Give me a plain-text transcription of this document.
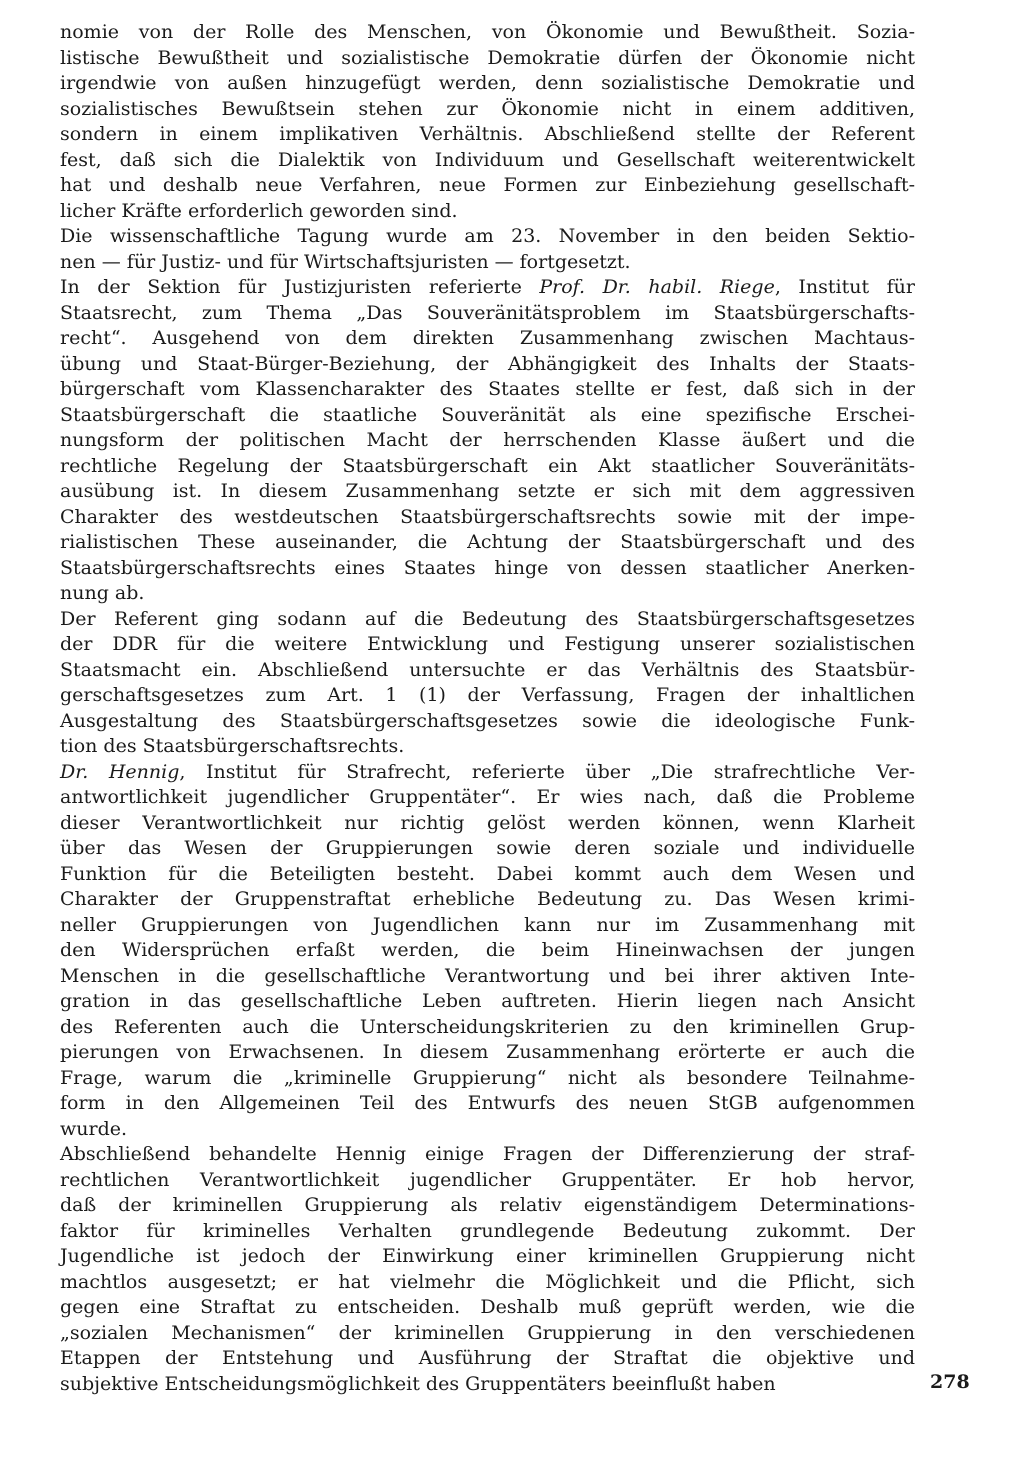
nomie von der Rolle des Menschen, von Ökonomie und Bewußtheit. Sozia-
listische Bewußtheit und sozialistische Demokratie dürfen der Ökonomie nicht
irgendwie von außen hinzugefügt werden, denn sozialistische Demokratie und
sozialistisches Bewußtsein stehen zur Ökonomie nicht in einem additiven,
sondern in einem implikativen Verhältnis. Abschließend stellte der Referent
fest, daß sich die Dialektik von Individuum und Gesellschaft weiterentwickelt
hat und deshalb neue Verfahren, neue Formen zur Einbeziehung gesellschaft-
licher Kräfte erforderlich geworden sind.
Die wissenschaftliche Tagung wurde am 23. November in den beiden Sektio-
nen — für Justiz- und für Wirtschaftsjuristen — fortgesetzt.
In der Sektion für Justizjuristen referierte Prof. Dr. habil. Riege, Institut für
Staatsrecht, zum Thema „Das Souveränitätsproblem im Staatsbürgerschafts-
recht“. Ausgehend von dem direkten Zusammenhang zwischen Machtaus-
übung und Staat-Bürger-Beziehung, der Abhängigkeit des Inhalts der Staats-
bürgerschaft vom Klassencharakter des Staates stellte er fest, daß sich in der
Staatsbürgerschaft die staatliche Souveränität als eine spezifische Erschei-
nungsform der politischen Macht der herrschenden Klasse äußert und die
rechtliche Regelung der Staatsbürgerschaft ein Akt staatlicher Souveränitäts-
ausübung ist. In diesem Zusammenhang setzte er sich mit dem aggressiven
Charakter des westdeutschen Staatsbürgerschaftsrechts sowie mit der impe-
rialistischen These auseinander, die Achtung der Staatsbürgerschaft und des
Staatsbürgerschaftsrechts eines Staates hinge von dessen staatlicher Anerken-
nung ab.
Der Referent ging sodann auf die Bedeutung des Staatsbürgerschaftsgesetzes
der DDR für die weitere Entwicklung und Festigung unserer sozialistischen
Staatsmacht ein. Abschließend untersuchte er das Verhältnis des Staatsbür-
gerschaftsgesetzes zum Art. 1 (1) der Verfassung, Fragen der inhaltlichen
Ausgestaltung des Staatsbürgerschaftsgesetzes sowie die ideologische Funk-
tion des Staatsbürgerschaftsrechts.
Dr. Hennig, Institut für Strafrecht, referierte über „Die strafrechtliche Ver-
antwortlichkeit jugendlicher Gruppentäter“. Er wies nach, daß die Probleme
dieser Verantwortlichkeit nur richtig gelöst werden können, wenn Klarheit
über das Wesen der Gruppierungen sowie deren soziale und individuelle
Funktion für die Beteiligten besteht. Dabei kommt auch dem Wesen und
Charakter der Gruppenstraftat erhebliche Bedeutung zu. Das Wesen krimi-
neller Gruppierungen von Jugendlichen kann nur im Zusammenhang mit
den Widersprüchen erfaßt werden, die beim Hineinwachsen der jungen
Menschen in die gesellschaftliche Verantwortung und bei ihrer aktiven Inte-
gration in das gesellschaftliche Leben auftreten. Hierin liegen nach Ansicht
des Referenten auch die Unterscheidungskriterien zu den kriminellen Grup-
pierungen von Erwachsenen. In diesem Zusammenhang erörterte er auch die
Frage, warum die „kriminelle Gruppierung“ nicht als besondere Teilnahme-
form in den Allgemeinen Teil des Entwurfs des neuen StGB aufgenommen
wurde.
Abschließend behandelte Hennig einige Fragen der Differenzierung der straf-
rechtlichen Verantwortlichkeit jugendlicher Gruppentäter. Er hob hervor,
daß der kriminellen Gruppierung als relativ eigenständigem Determinations-
faktor für kriminelles Verhalten grundlegende Bedeutung zukommt. Der
Jugendliche ist jedoch der Einwirkung einer kriminellen Gruppierung nicht
machtlos ausgesetzt; er hat vielmehr die Möglichkeit und die Pflicht, sich
gegen eine Straftat zu entscheiden. Deshalb muß geprüft werden, wie die
„sozialen Mechanismen“ der kriminellen Gruppierung in den verschiedenen
Etappen der Entstehung und Ausführung der Straftat die objektive und
subjektive Entscheidungsmöglichkeit des Gruppentäters beeinflußt haben	278
